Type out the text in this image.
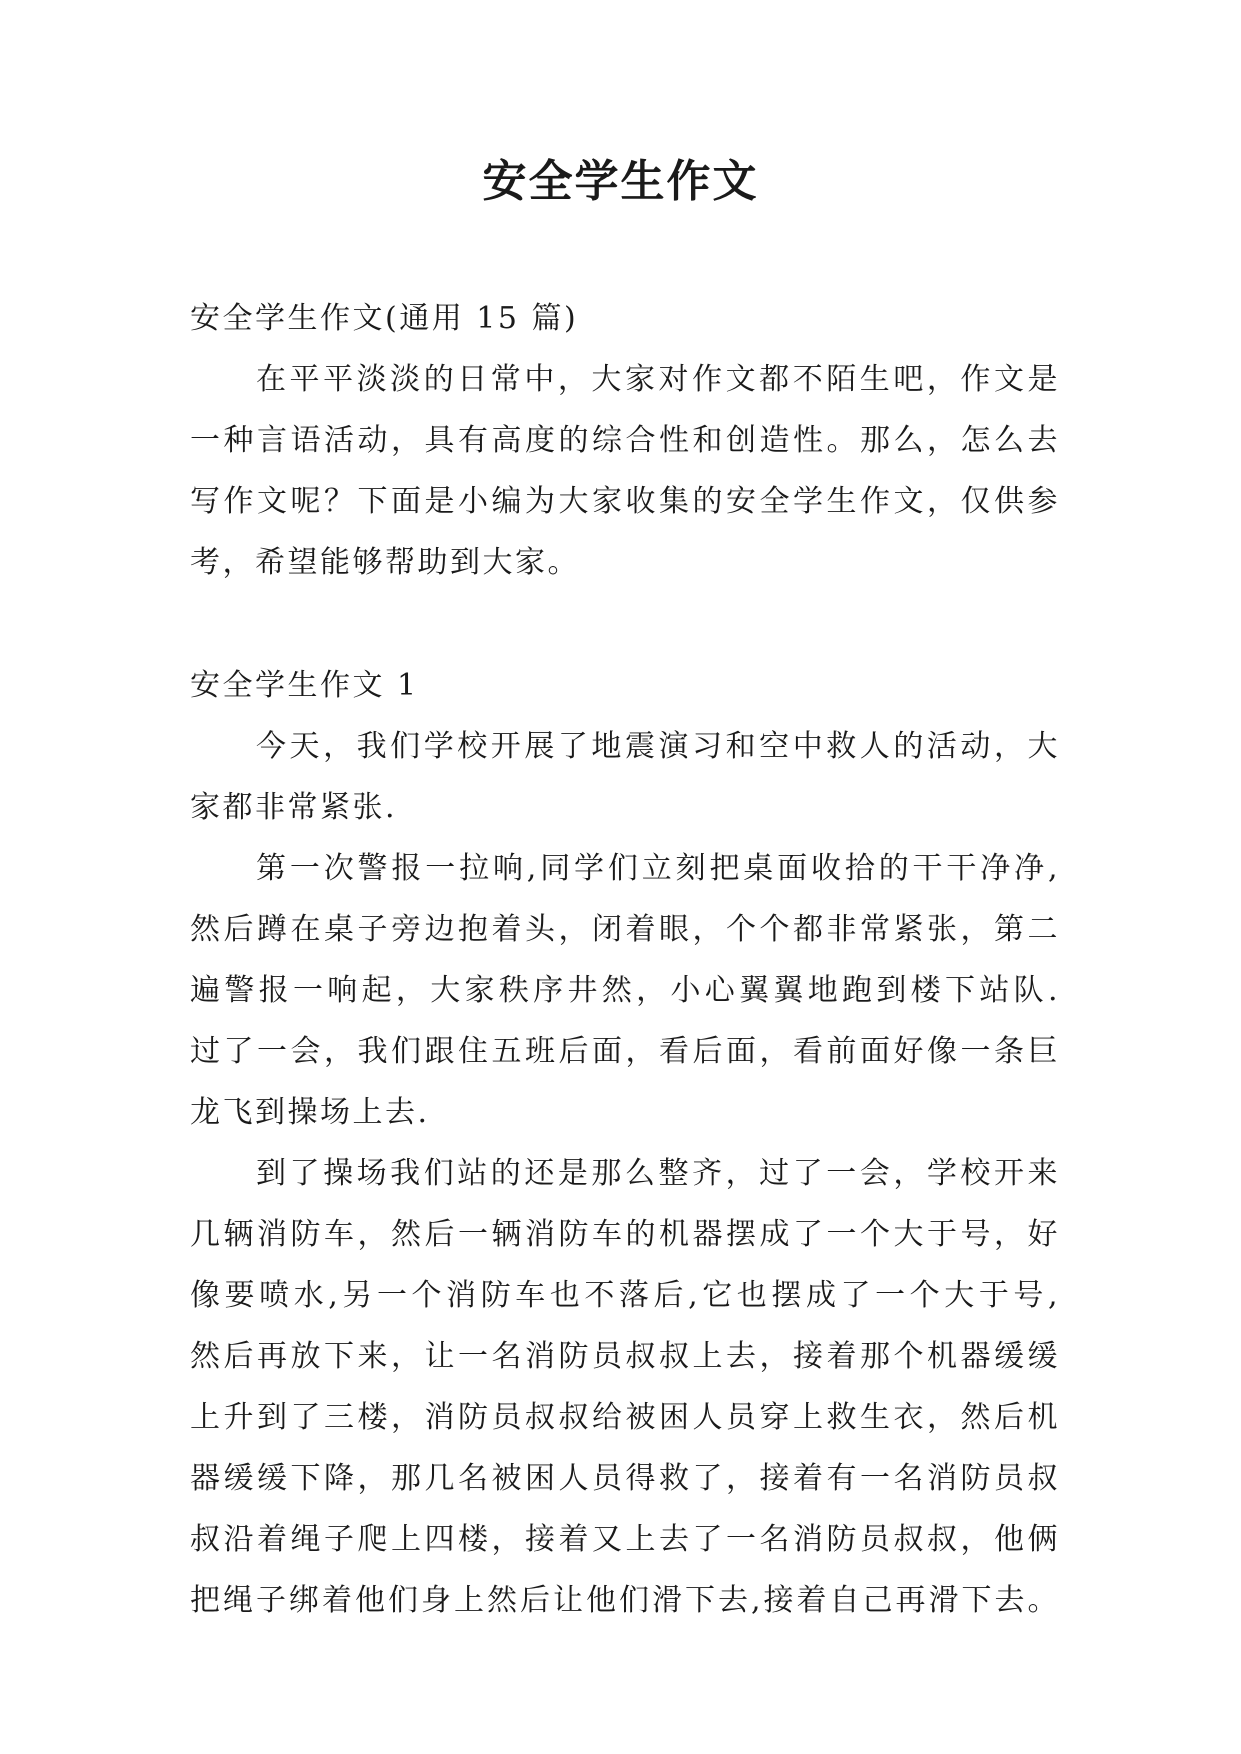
安全学生作文
安全学生作文(通用 15 篇)
在平平淡淡的日常中，大家对作文都不陌生吧，作文是
一种言语活动，具有高度的综合性和创造性。那么，怎么去
写作文呢？下面是小编为大家收集的安全学生作文，仅供参
考，希望能够帮助到大家。
安全学生作文 1
今天，我们学校开展了地震演习和空中救人的活动，大
家都非常紧张.
第一次警报一拉响,同学们立刻把桌面收拾的干干净净,
然后蹲在桌子旁边抱着头，闭着眼，个个都非常紧张，第二
遍警报一响起，大家秩序井然，小心翼翼地跑到楼下站队.
过了一会，我们跟住五班后面，看后面，看前面好像一条巨
龙飞到操场上去.
到了操场我们站的还是那么整齐，过了一会，学校开来
几辆消防车，然后一辆消防车的机器摆成了一个大于号，好
像要喷水,另一个消防车也不落后,它也摆成了一个大于号,
然后再放下来，让一名消防员叔叔上去，接着那个机器缓缓
上升到了三楼，消防员叔叔给被困人员穿上救生衣，然后机
器缓缓下降，那几名被困人员得救了，接着有一名消防员叔
叔沿着绳子爬上四楼，接着又上去了一名消防员叔叔，他俩
把绳子绑着他们身上然后让他们滑下去,接着自己再滑下去。
